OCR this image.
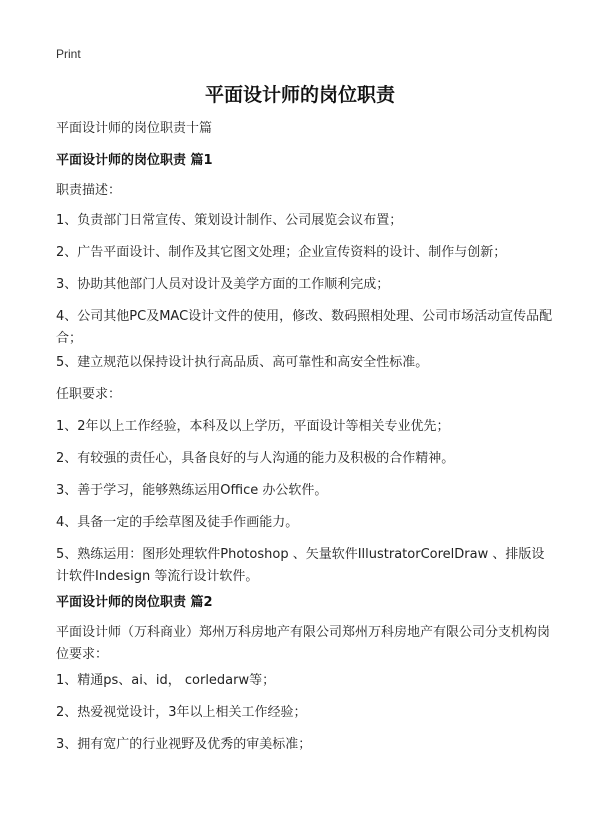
Print
平面设计师的岗位职责
平面设计师的岗位职责十篇
平面设计师的岗位职责 篇1
职责描述：
1、负责部门日常宣传、策划设计制作、公司展览会议布置；
2、广告平面设计、制作及其它图文处理；企业宣传资料的设计、制作与创新；
3、协助其他部门人员对设计及美学方面的工作顺利完成；
4、公司其他PC及MAC设计文件的使用，修改、数码照相处理、公司市场活动宣传品配合；
5、建立规范以保持设计执行高品质、高可靠性和高安全性标准。
任职要求：
1、2年以上工作经验，本科及以上学历，平面设计等相关专业优先；
2、有较强的责任心，具备良好的与人沟通的能力及积极的合作精神。
3、善于学习，能够熟练运用Office 办公软件。
4、具备一定的手绘草图及徒手作画能力。
5、熟练运用：图形处理软件Photoshop 、矢量软件IllustratorCorelDraw 、排版设计软件Indesign 等流行设计软件。
平面设计师的岗位职责 篇2
平面设计师（万科商业）郑州万科房地产有限公司郑州万科房地产有限公司分支机构岗位要求：
1、精通ps、ai、id， corledarw等；
2、热爱视觉设计，3年以上相关工作经验；
3、拥有宽广的行业视野及优秀的审美标准；
